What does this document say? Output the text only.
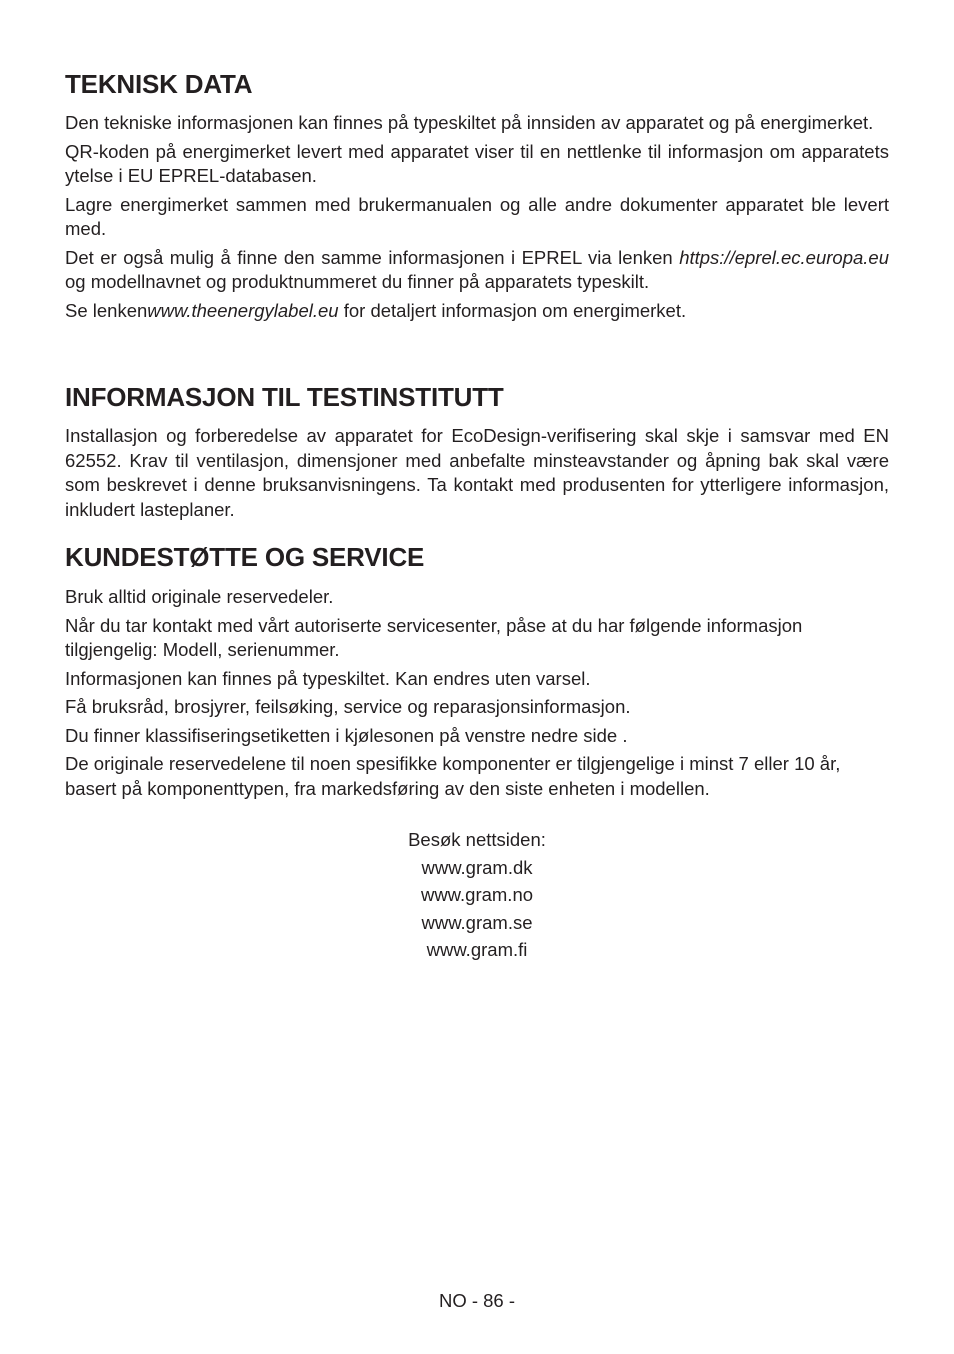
TEKNISK DATA

Den tekniske informasjonen kan finnes på typeskiltet på innsiden av apparatet og på energimerket.

QR-koden på energimerket levert med apparatet viser til en nettlenke til informasjon om apparatets ytelse i EU EPREL-databasen.

Lagre energimerket sammen med brukermanualen og alle andre dokumenter apparatet ble levert med.

Det er også mulig å finne den samme informasjonen i EPREL via lenken https://eprel.ec.europa.eu og modellnavnet og produktnummeret du finner på apparatets typeskilt.

Se lenkenwww.theenergylabel.eu for detaljert informasjon om energimerket.

INFORMASJON TIL TESTINSTITUTT

Installasjon og forberedelse av apparatet for EcoDesign-verifisering skal skje i samsvar med EN 62552. Krav til ventilasjon, dimensjoner med anbefalte minsteavstander og åpning bak skal være som beskrevet i denne bruksanvisningens. Ta kontakt med produsenten for ytterligere informasjon, inkludert lasteplaner.

KUNDESTØTTE OG SERVICE

Bruk alltid originale reservedeler.

Når du tar kontakt med vårt autoriserte servicesenter, påse at du har følgende informasjon tilgjengelig: Modell, serienummer.

Informasjonen kan finnes på typeskiltet. Kan endres uten varsel.

Få bruksråd, brosjyrer, feilsøking, service og reparasjonsinformasjon.

Du finner klassifiseringsetiketten i kjølesonen på venstre nedre side .

De originale reservedelene til noen spesifikke komponenter er tilgjengelige i minst 7 eller 10 år, basert på komponenttypen, fra markedsføring av den siste enheten i modellen.

Besøk nettsiden:
www.gram.dk
www.gram.no
www.gram.se
www.gram.fi
NO - 86 -
